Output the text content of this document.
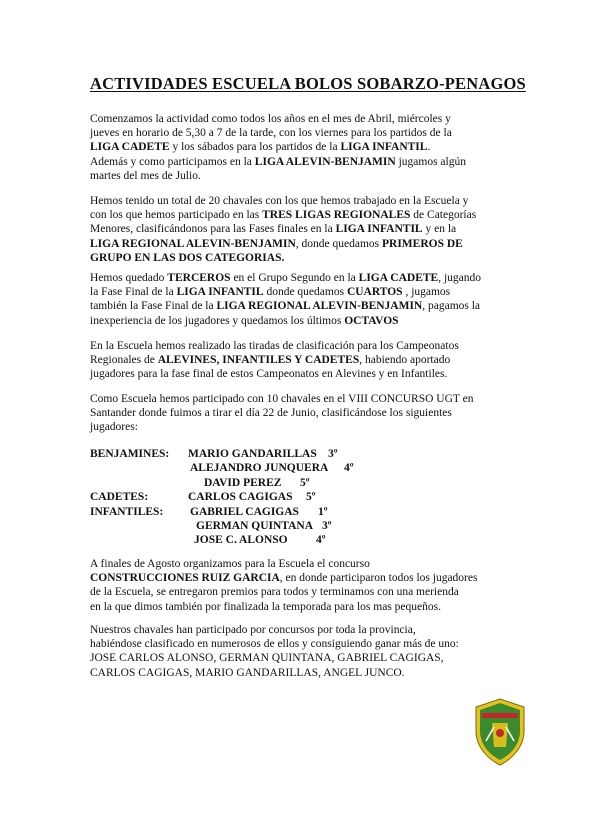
ACTIVIDADES ESCUELA BOLOS SOBARZO-PENAGOS

Comenzamos la actividad como todos los años en el mes de Abril, miércoles y
jueves en horario de 5,30 a 7 de la tarde, con los viernes para los partidos de la
LIGA CADETE y los sábados para los partidos de la LIGA INFANTIL.
Además y como participamos en la LIGA ALEVIN-BENJAMIN jugamos algún
martes del mes de Julio.

Hemos tenido un total de 20 chavales con los que hemos trabajado en la Escuela y
con los que hemos participado en las TRES LIGAS REGIONALES de Categorías
Menores, clasificándonos para las Fases finales en la LIGA INFANTIL y en la
LIGA REGIONAL ALEVIN-BENJAMIN, donde quedamos PRIMEROS DE
GRUPO EN LAS DOS CATEGORIAS.

Hemos quedado TERCEROS en el Grupo Segundo en la LIGA CADETE, jugando
la Fase Final de la LIGA INFANTIL donde quedamos CUARTOS , jugamos
también la Fase Final de la LIGA REGIONAL ALEVIN-BENJAMIN, pagamos la
inexperiencia de los jugadores y quedamos los últimos OCTAVOS

En la Escuela hemos realizado las tiradas de clasificación para los Campeonatos
Regionales de ALEVINES, INFANTILES Y CADETES, habiendo aportado
jugadores para la fase final de estos Campeonatos en Alevines y en Infantiles.

Como Escuela hemos participado con 10 chavales en el VIII CONCURSO UGT en
Santander donde fuimos a tirar el día 22 de Junio, clasificándose los siguientes
jugadores:

BENJAMINES: MARIO GANDARILLAS 3º
ALEJANDRO JUNQUERA 4º
DAVID PEREZ 5º
CADETES:	CARLOS CAGIGAS 5º
INFANTILES: GABRIEL CAGIGAS 1º
GERMAN QUINTANA 3º
JOSE C. ALONSO 4º

A finales de Agosto organizamos para la Escuela el concurso
CONSTRUCCIONES RUIZ GARCIA, en donde participaron todos los jugadores
de la Escuela, se entregaron premios para todos y terminamos con una merienda
en la que dimos también por finalizada la temporada para los mas pequeños.

Nuestros chavales han participado por concursos por toda la provincia,
habiéndose clasificado en numerosos de ellos y consiguiendo ganar más de uno:
JOSE CARLOS ALONSO, GERMAN QUINTANA, GABRIEL CAGIGAS,
CARLOS CAGIGAS, MARIO GANDARILLAS, ANGEL JUNCO.
